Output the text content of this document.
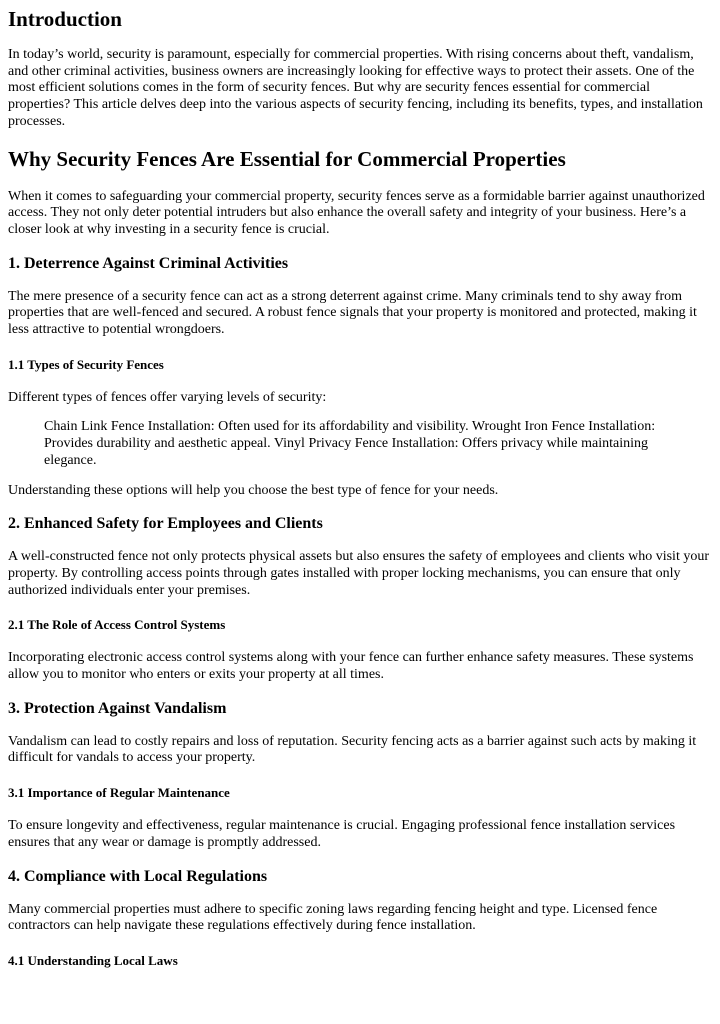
Introduction

In today’s world, security is paramount, especially for commercial properties. With rising concerns about theft, vandalism, and other criminal activities, business owners are increasingly looking for effective ways to protect their assets. One of the most efficient solutions comes in the form of security fences. But why are security fences essential for commercial properties? This article delves deep into the various aspects of security fencing, including its benefits, types, and installation processes.

Why Security Fences Are Essential for Commercial Properties

When it comes to safeguarding your commercial property, security fences serve as a formidable barrier against unauthorized access. They not only deter potential intruders but also enhance the overall safety and integrity of your business. Here’s a closer look at why investing in a security fence is crucial.

1. Deterrence Against Criminal Activities

The mere presence of a security fence can act as a strong deterrent against crime. Many criminals tend to shy away from properties that are well-fenced and secured. A robust fence signals that your property is monitored and protected, making it less attractive to potential wrongdoers.

1.1 Types of Security Fences

Different types of fences offer varying levels of security:

Chain Link Fence Installation: Often used for its affordability and visibility. Wrought Iron Fence Installation: Provides durability and aesthetic appeal. Vinyl Privacy Fence Installation: Offers privacy while maintaining elegance.

Understanding these options will help you choose the best type of fence for your needs.

2. Enhanced Safety for Employees and Clients

A well-constructed fence not only protects physical assets but also ensures the safety of employees and clients who visit your property. By controlling access points through gates installed with proper locking mechanisms, you can ensure that only authorized individuals enter your premises.

2.1 The Role of Access Control Systems

Incorporating electronic access control systems along with your fence can further enhance safety measures. These systems allow you to monitor who enters or exits your property at all times.

3. Protection Against Vandalism

Vandalism can lead to costly repairs and loss of reputation. Security fencing acts as a barrier against such acts by making it difficult for vandals to access your property.

3.1 Importance of Regular Maintenance

To ensure longevity and effectiveness, regular maintenance is crucial. Engaging professional fence installation services ensures that any wear or damage is promptly addressed.

4. Compliance with Local Regulations

Many commercial properties must adhere to specific zoning laws regarding fencing height and type. Licensed fence contractors can help navigate these regulations effectively during fence installation.

4.1 Understanding Local Laws
